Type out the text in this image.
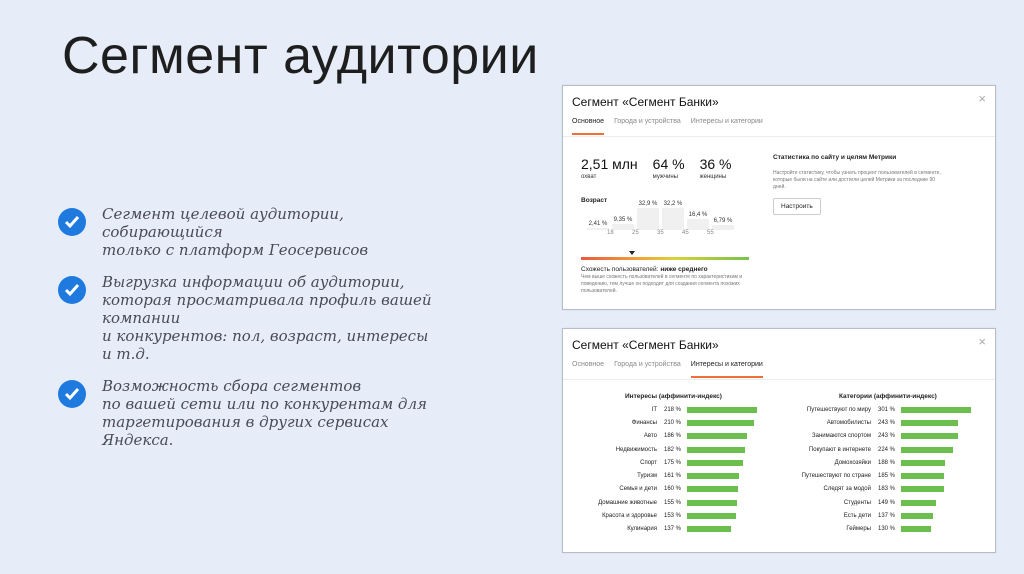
Сегмент аудитории
Сегмент целевой аудитории, собирающийся
только с платформ Геосервисов
Выгрузка информации об аудитории,
которая просматривала профиль вашей
компании
и конкурентов: пол, возраст, интересы и т.д.
Возможность сбора сегментов
по вашей сети или по конкурентам для
таргетирования в других сервисах Яндекса.
Сегмент «Сегмент Банки»	×
Основное Города и устройства Интересы и категории
2,51 млн
охват
64 %
мужчины
36 %
женщины
Возраст
2,41 %
9,35 %
32,9 %	32,2 %
16,4 %
6,79 %
18	25	35	45	55
Схожесть пользователей: ниже среднего
Чем выше схожесть пользователей в сегменте по характеристикам и поведению, тем лучше он подходит для создания сегмента похожих пользователей.
Статистика по сайту и целям Метрики
Настройте статистику, чтобы узнать процент пользователей в сегменте, которые были на сайте или достигли целей Метрики за последние 90 дней.
Настроить
Сегмент «Сегмент Банки»	×
Основное Города и устройства Интересы и категории
Интересы (аффинити-индекс)
IT	218 %
Финансы	210 %
Авто	186 %
Недвижимость	182 %
Спорт	175 %
Туризм	161 %
Семья и дети	160 %
Домашние животные	155 %
Красота и здоровье	153 %
Кулинария	137 %
Категории (аффинити-индекс)
Путешествуют по миру	301 %
Автомобилисты	243 %
Занимаются спортом	243 %
Покупают в интернете	224 %
Домохозяйки	188 %
Путешествуют по стране	185 %
Следят за модой	183 %
Студенты	149 %
Есть дети	137 %
Геймеры	130 %
